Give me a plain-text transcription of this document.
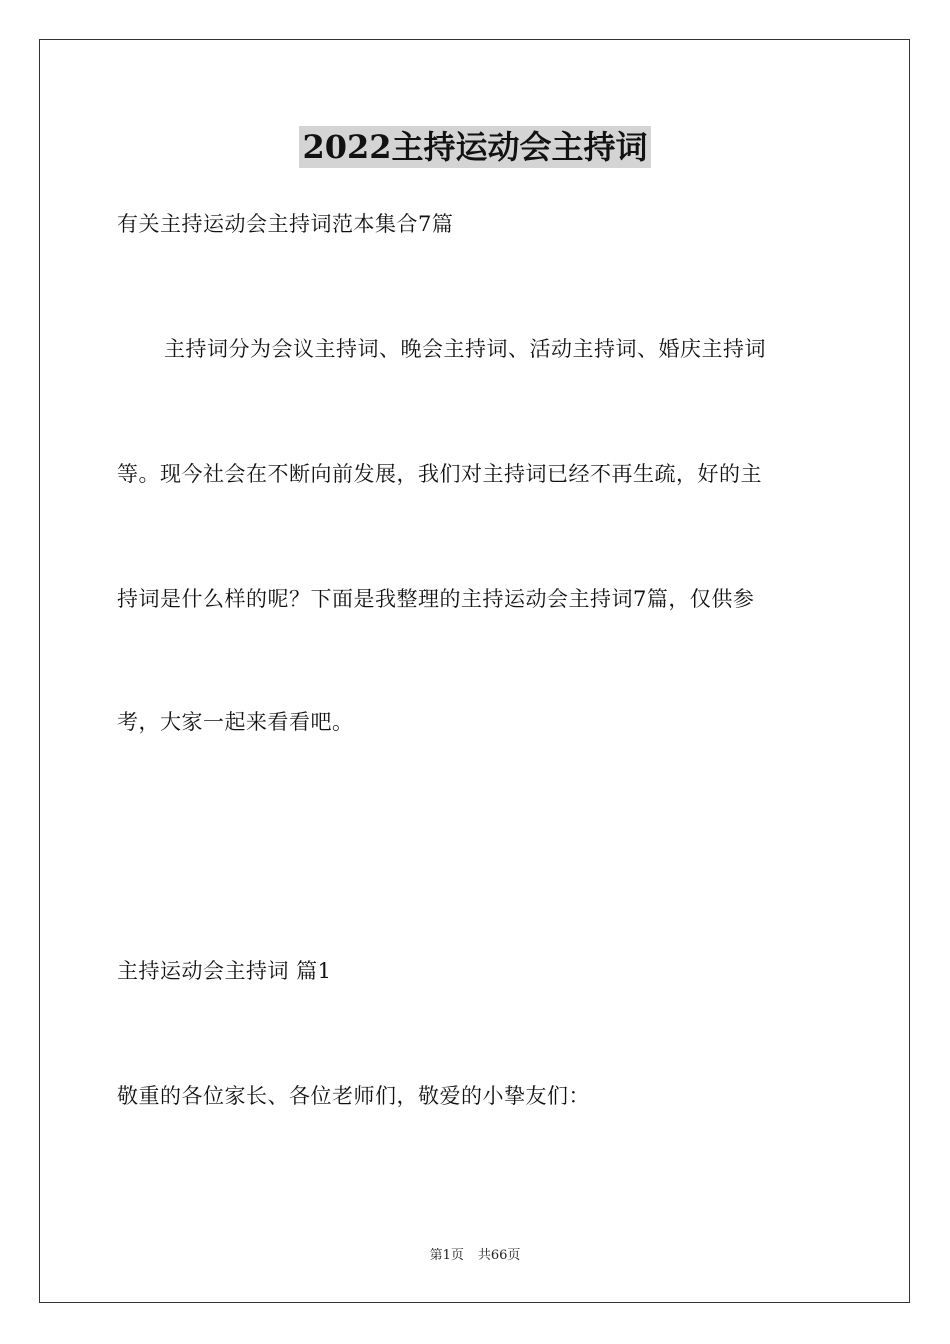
2022主持运动会主持词
有关主持运动会主持词范本集合7篇
主持词分为会议主持词、晚会主持词、活动主持词、婚庆主持词
等。现今社会在不断向前发展，我们对主持词已经不再生疏，好的主
持词是什么样的呢？下面是我整理的主持运动会主持词7篇，仅供参
考，大家一起来看看吧。
主持运动会主持词 篇1
敬重的各位家长、各位老师们，敬爱的小挚友们：
第1页 共66页
